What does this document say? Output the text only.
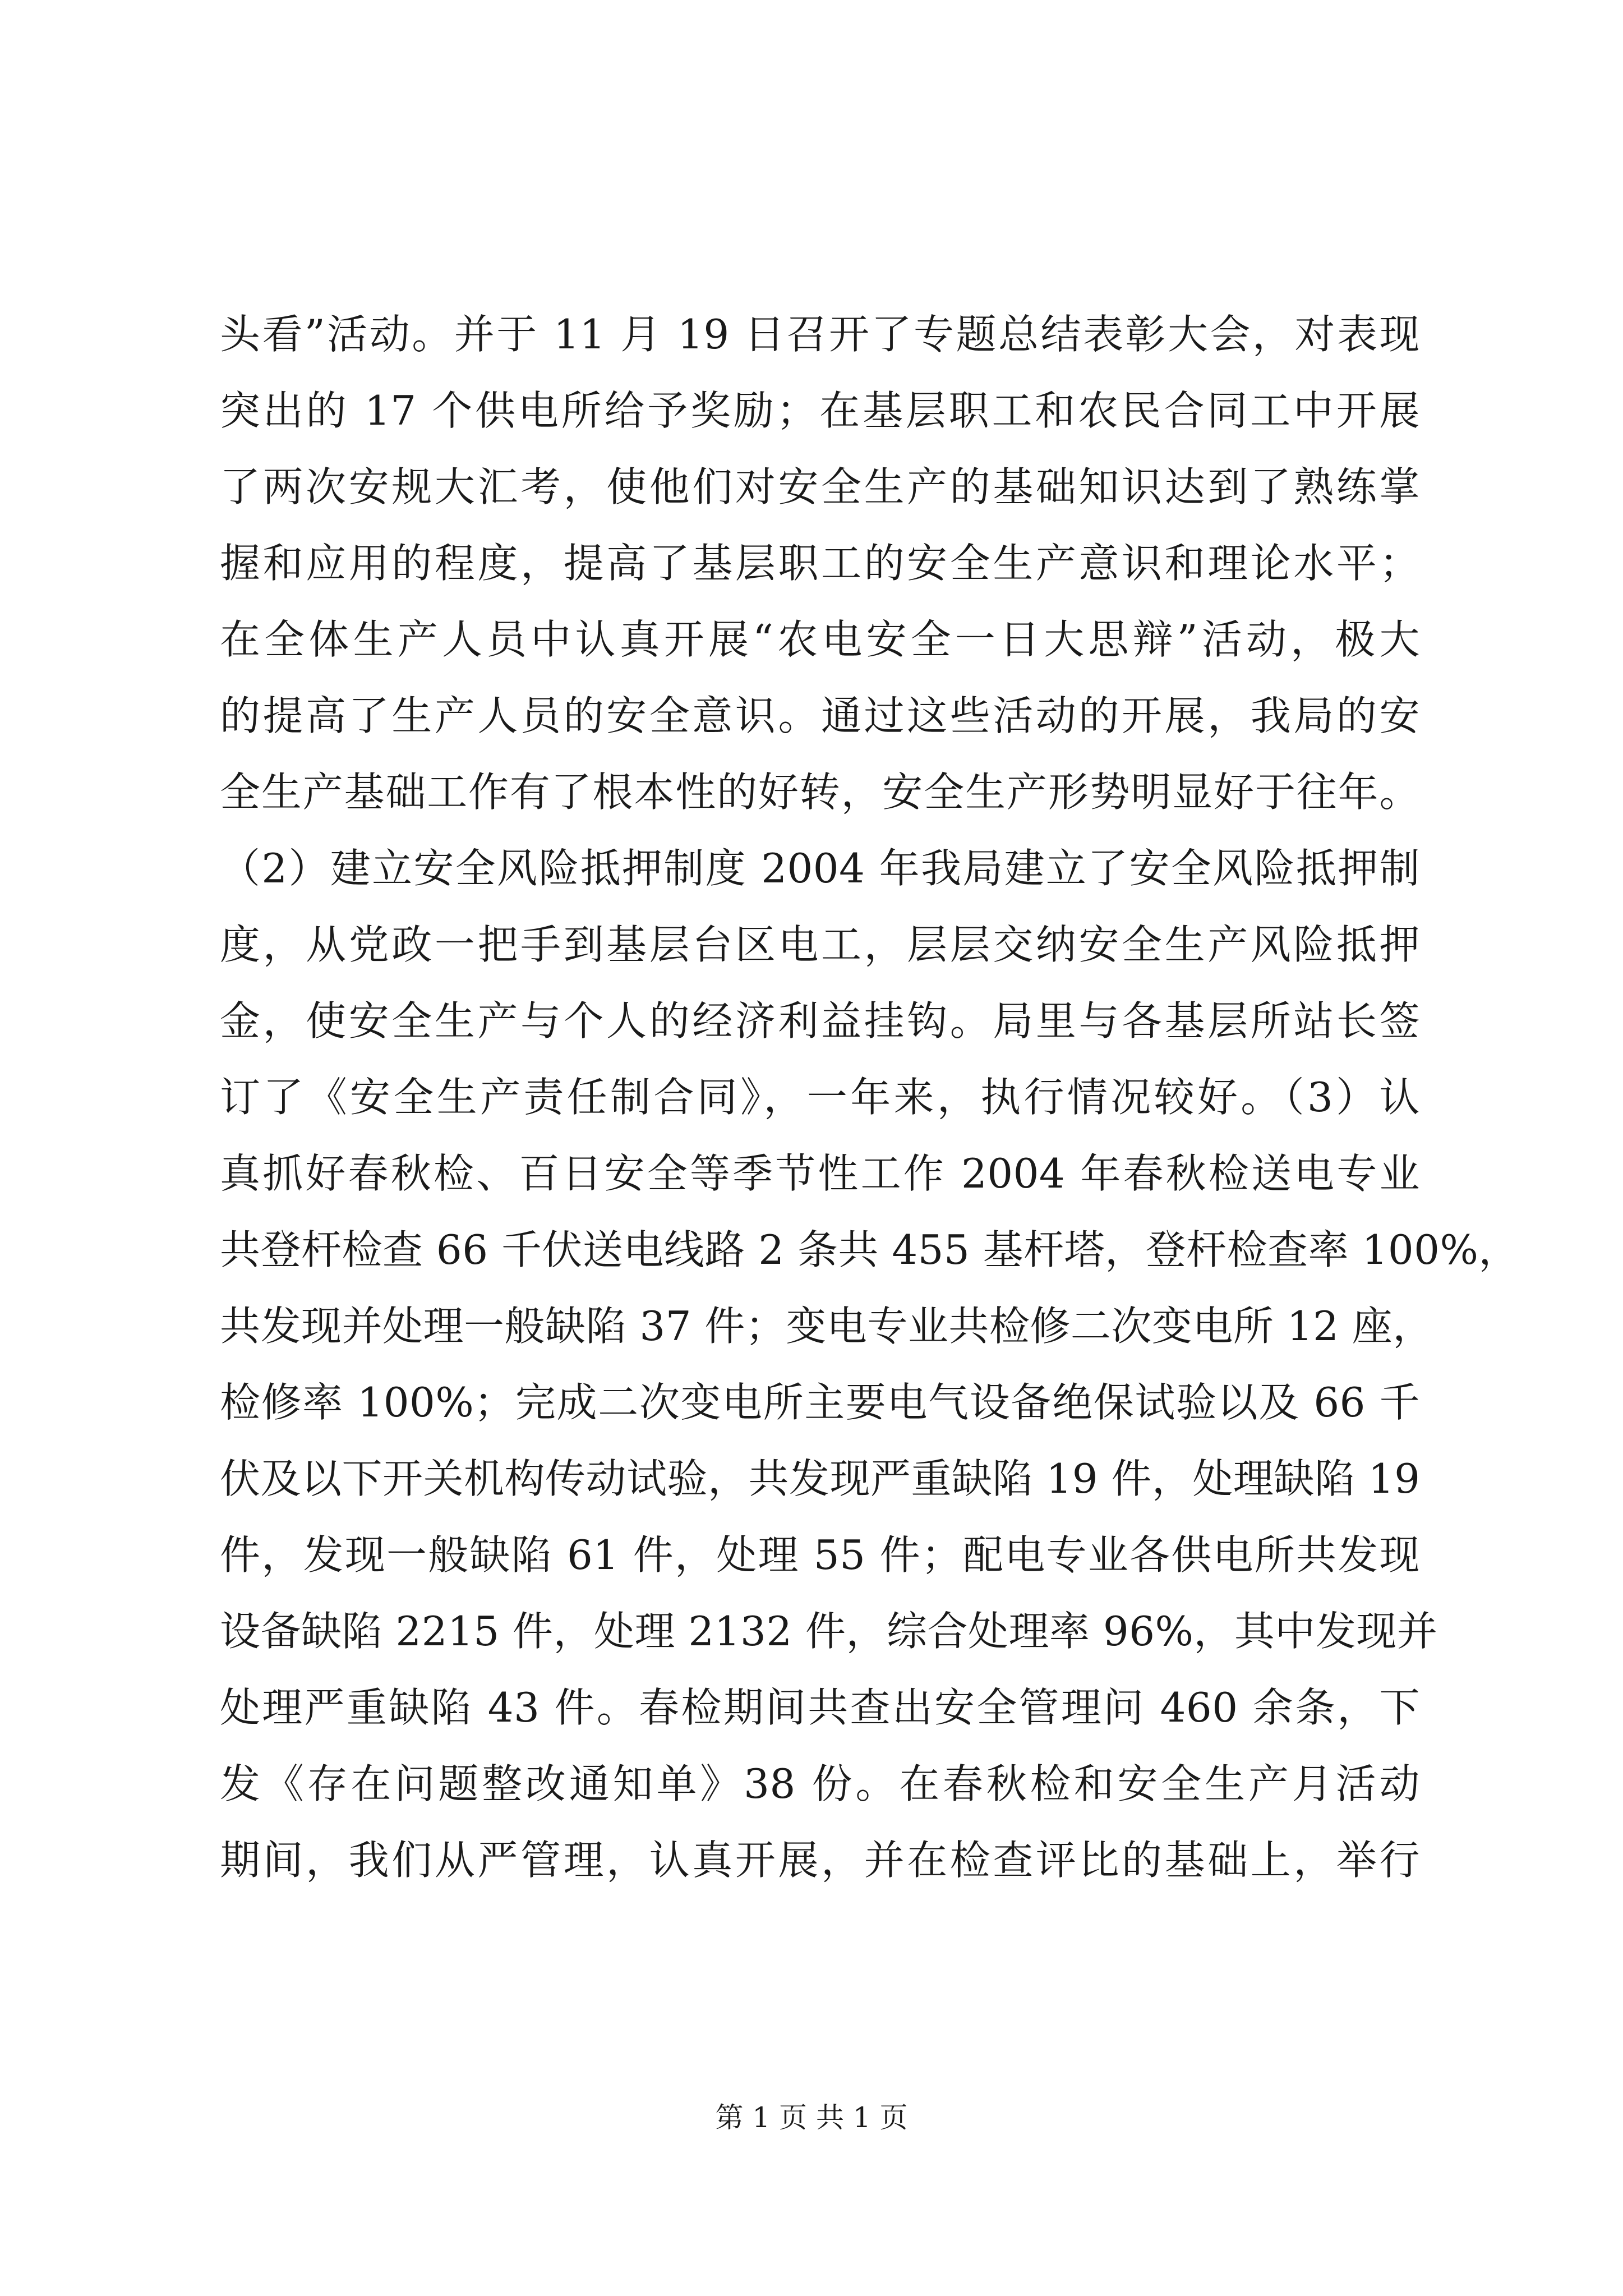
头看”活动。并于 11 月 19 日召开了专题总结表彰大会，对表现
突出的 17 个供电所给予奖励；在基层职工和农民合同工中开展
了两次安规大汇考，使他们对安全生产的基础知识达到了熟练掌
握和应用的程度，提高了基层职工的安全生产意识和理论水平；
在全体生产人员中认真开展“农电安全一日大思辩”活动，极大
的提高了生产人员的安全意识。通过这些活动的开展，我局的安
全生产基础工作有了根本性的好转，安全生产形势明显好于往年。
（2）建立安全风险抵押制度 2004 年我局建立了安全风险抵押制
度，从党政一把手到基层台区电工，层层交纳安全生产风险抵押
金，使安全生产与个人的经济利益挂钩。局里与各基层所站长签
订了《安全生产责任制合同》，一年来，执行情况较好。（3）认
真抓好春秋检、百日安全等季节性工作 2004 年春秋检送电专业
共登杆检查 66 千伏送电线路 2 条共 455 基杆塔，登杆检查率 100%，
共发现并处理一般缺陷 37 件；变电专业共检修二次变电所 12 座，
检修率 100%；完成二次变电所主要电气设备绝保试验以及 66 千
伏及以下开关机构传动试验，共发现严重缺陷 19 件，处理缺陷 19
件，发现一般缺陷 61 件，处理 55 件；配电专业各供电所共发现
设备缺陷 2215 件，处理 2132 件，综合处理率 96%，其中发现并
处理严重缺陷 43 件。春检期间共查出安全管理问 460 余条，下
发《存在问题整改通知单》38 份。在春秋检和安全生产月活动
期间，我们从严管理，认真开展，并在检查评比的基础上，举行
第 1 页 共 1 页
